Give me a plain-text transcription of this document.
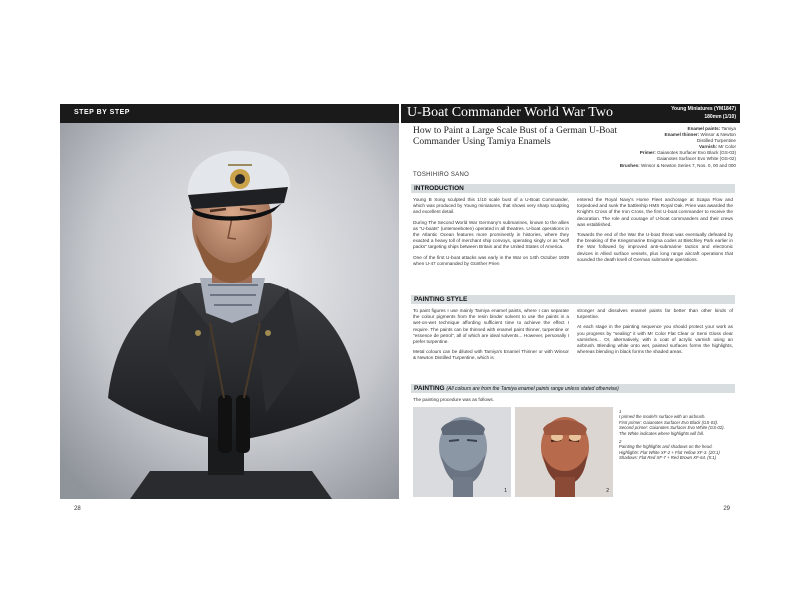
STEP BY STEP
28
U-Boat Commander World War Two	Young Miniatures (YM1847)
180mm (1/10)
How to Paint a Large Scale Bust of a German U-Boat Commander Using Tamiya Enamels
Enamel paints: Tamiya
Enamel thinner: Winsor & Newton
Distilled Turpentine
Varnish: Mr Color
Primer: Gaianotes Surfacer Evo Black (GS-03)
Gaianotes Surfacer Evo White (GS-02)
Brushes: Winsor & Newton Series 7, Nos. 0, 00 and 000
TOSHIHIRO SANO
INTRODUCTION

Young B Song sculpted this 1/10 scale bust of a U-Boat Commander, which was produced by Young miniatures, that shows very sharp sculpting and excellent detail.

During The Second World War Germany's submarines, known to the allies as "U-boats" (unterseeboten) operated in all theatres. U-boat operations in the Atlantic Ocean features more prominently in histories, where they exacted a heavy toll of merchant ship convoys, operating singly or as "wolf packs" targeting ships between Britain and the United States of America.

One of the first U-boat attacks was early in the War on 14th October 1939 when U-47 commanded by Günther Prien

entered the Royal Navy's Home Fleet anchorage at Scapa Flow and torpedoed and sunk the battleship HMS Royal Oak. Prien was awarded the Knight's Cross of the Iron Cross, the first U-boat commander to receive the decoration. The role and courage of U-boat commanders and their crews was established.

Towards the end of the War the U-boat threat was eventually defeated by the breaking of the Kriegsmarine Enigma codes at Bletchley Park earlier in the War followed by improved anti-submarine tactics and electronic devices in Allied surface vessels, plus long range aircraft operations that sounded the death knell of German submarine operations.

PAINTING STYLE

To paint figures I use mainly Tamiya enamel paints, where I can separate the colour pigments from the resin binder solvent to use the paints in a wet-on-wet technique affording sufficient time to achieve the effect I require. The paints can be thinned with enamel paint thinner, turpentine or "essence de petrol", all of which are ideal solvents... However, personally I prefer turpentine.

Metal colours can be diluted with Tamiya's Enamel Thinner or with Winsor & Newton Distilled Turpentine, which is

stronger and dissolves enamel paints far better than other kinds of turpentine.

At each stage in the painting sequence you should protect your work as you progress by "sealing" it with Mr Color Flat Clear or Semi Gloss clear varnishes... Or, alternatively, with a coat of acrylic varnish using an airbrush. Blending white onto wet, painted surfaces forms the highlights, whereas blending in black forms the shaded areas.

PAINTING (All colours are from the Tamiya enamel paints range unless stated otherwise)
The painting procedure was as follows.
1	2

1

I primed the model's surface with an airbrush.

First primer: Gaianotes Surfacer Evo Black (GS-03).

Second primer: Gaianotes Surfacer Evo White (GS-02).

The White indicates where highlights will fall.

2

Painting the highlights and shadows on the head.

Highlights: Flat White XF-2 + Flat Yellow XF-3. (20:1)

Shadows: Flat Red XF-7 + Red Brown XF-64. (5:1)

29
